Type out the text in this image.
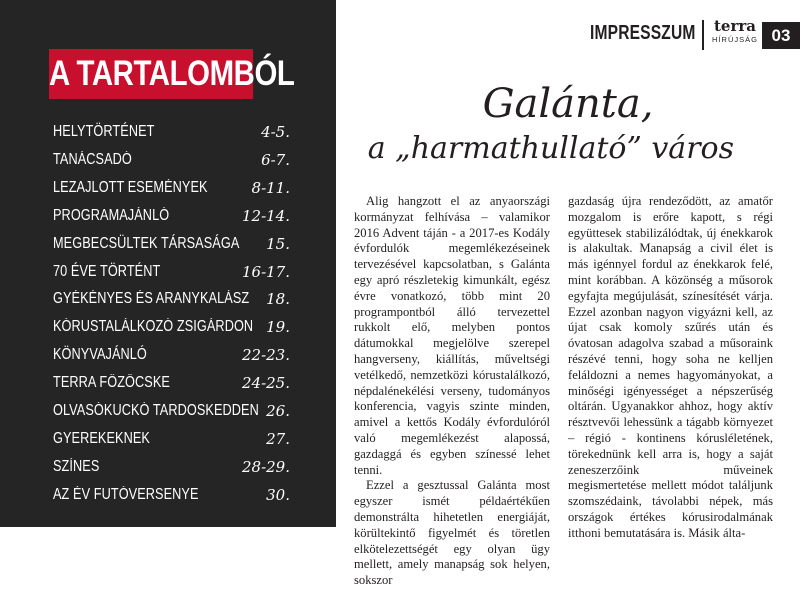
A TARTALOMBÓL
HELYTÖRTÉNET	4-5.
TANÁCSADÓ	6-7.
LEZAJLOTT ESEMÉNYEK	8-11.
PROGRAMAJÁNLÓ	12-14.
MEGBECSÜLTEK TÁRSASÁGA 15.
70 ÉVE TÖRTÉNT	16-17.
GYÉKÉNYES ÉS ARANYKALÁSZ 18.
KÓRUSTALÁLKOZÓ ZSIGÁRDON 19.
KÖNYVAJÁNLÓ	22-23.
TERRA FŐZŐCSKE	24-25.
OLVASÓKUCKÓ TARDOSKEDDEN 26.
GYEREKEKNEK	27.
SZÍNES	28-29.
AZ ÉV FUTÓVERSENYE	30.
IMPRESSZUM terra
HÍRÚJSÁG 03
Galánta,
a „harmathullató” város

Alig hangzott el az anyaországi kormányzat felhívása – valamikor 2016 Advent táján - a 2017-es Kodály évfordulók megemlékezéseinek tervezésével kapcsolatban, s Galánta egy apró részletekig kimunkált, egész évre vonatkozó, több mint 20 programpontból álló tervezettel rukkolt elő, melyben pontos dátumokkal megjelölve szerepel hangverseny, kiállítás, műveltségi vetélkedő, nemzetközi kórustalálkozó, népdalénekélési verseny, tudományos konferencia, vagyis szinte minden, amivel a kettős Kodály évfordulóról való megemlékezést alapossá, gazdaggá és egyben színessé lehet tenni.

Ezzel a gesztussal Galánta most egyszer ismét példaértékűen demonstrálta hihetetlen energiáját, körültekintő figyelmét és töretlen elkötelezettségét egy olyan ügy mellett, amely manapság sok helyen, sokszor

gazdaság újra rendeződött, az amatőr mozgalom is erőre kapott, s régi együttesek stabilizálódtak, új énekkarok is alakultak. Manapság a civil élet is más igénnyel fordul az énekkarok felé, mint korábban. A közönség a műsorok egyfajta megújulását, színesítését várja. Ezzel azonban nagyon vigyázni kell, az újat csak komoly szűrés után és óvatosan adagolva szabad a műsoraink részévé tenni, hogy soha ne kelljen feláldozni a nemes hagyományokat, a minőségi igényességet a népszerűség oltárán. Ugyanakkor ahhoz, hogy aktív résztvevői lehessünk a tágabb környezet – régió - kontinens kórusléletének, törekednünk kell arra is, hogy a saját zeneszerzőink műveinek megismertetése mellett módot találjunk szomszédaink, távolabbi népek, más országok értékes kórusirodalmának itthoni bemutatására is. Másik álta-
